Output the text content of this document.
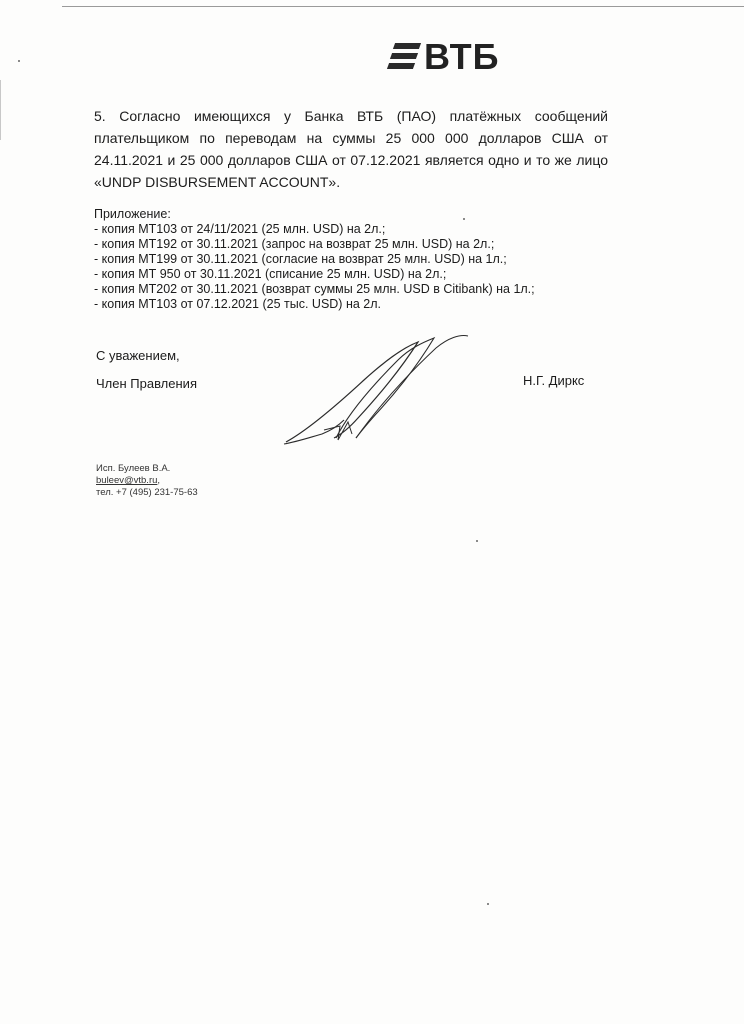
ВТБ
5. Согласно имеющихся у Банка ВТБ (ПАО) платёжных сообщений плательщиком по переводам на суммы 25 000 000 долларов США от 24.11.2021 и 25 000 долларов США от 07.12.2021 является одно и то же лицо «UNDP DISBURSEMENT ACCOUNT».
Приложение:
- копия МТ103 от 24/11/2021 (25 млн. USD) на 2л.;
- копия МТ192 от 30.11.2021 (запрос на возврат 25 млн. USD) на 2л.;
- копия МТ199 от 30.11.2021 (согласие на возврат 25 млн. USD) на 1л.;
- копия МТ 950 от 30.11.2021 (списание 25 млн. USD) на 2л.;
- копия МТ202 от 30.11.2021 (возврат суммы 25 млн. USD в Citibank) на 1л.;
- копия МТ103 от 07.12.2021 (25 тыс. USD) на 2л.
С уважением,
Член Правления	Н.Г. Диркс
Исп. Булеев В.А.
buleev@vtb.ru,
тел. +7 (495) 231-75-63
